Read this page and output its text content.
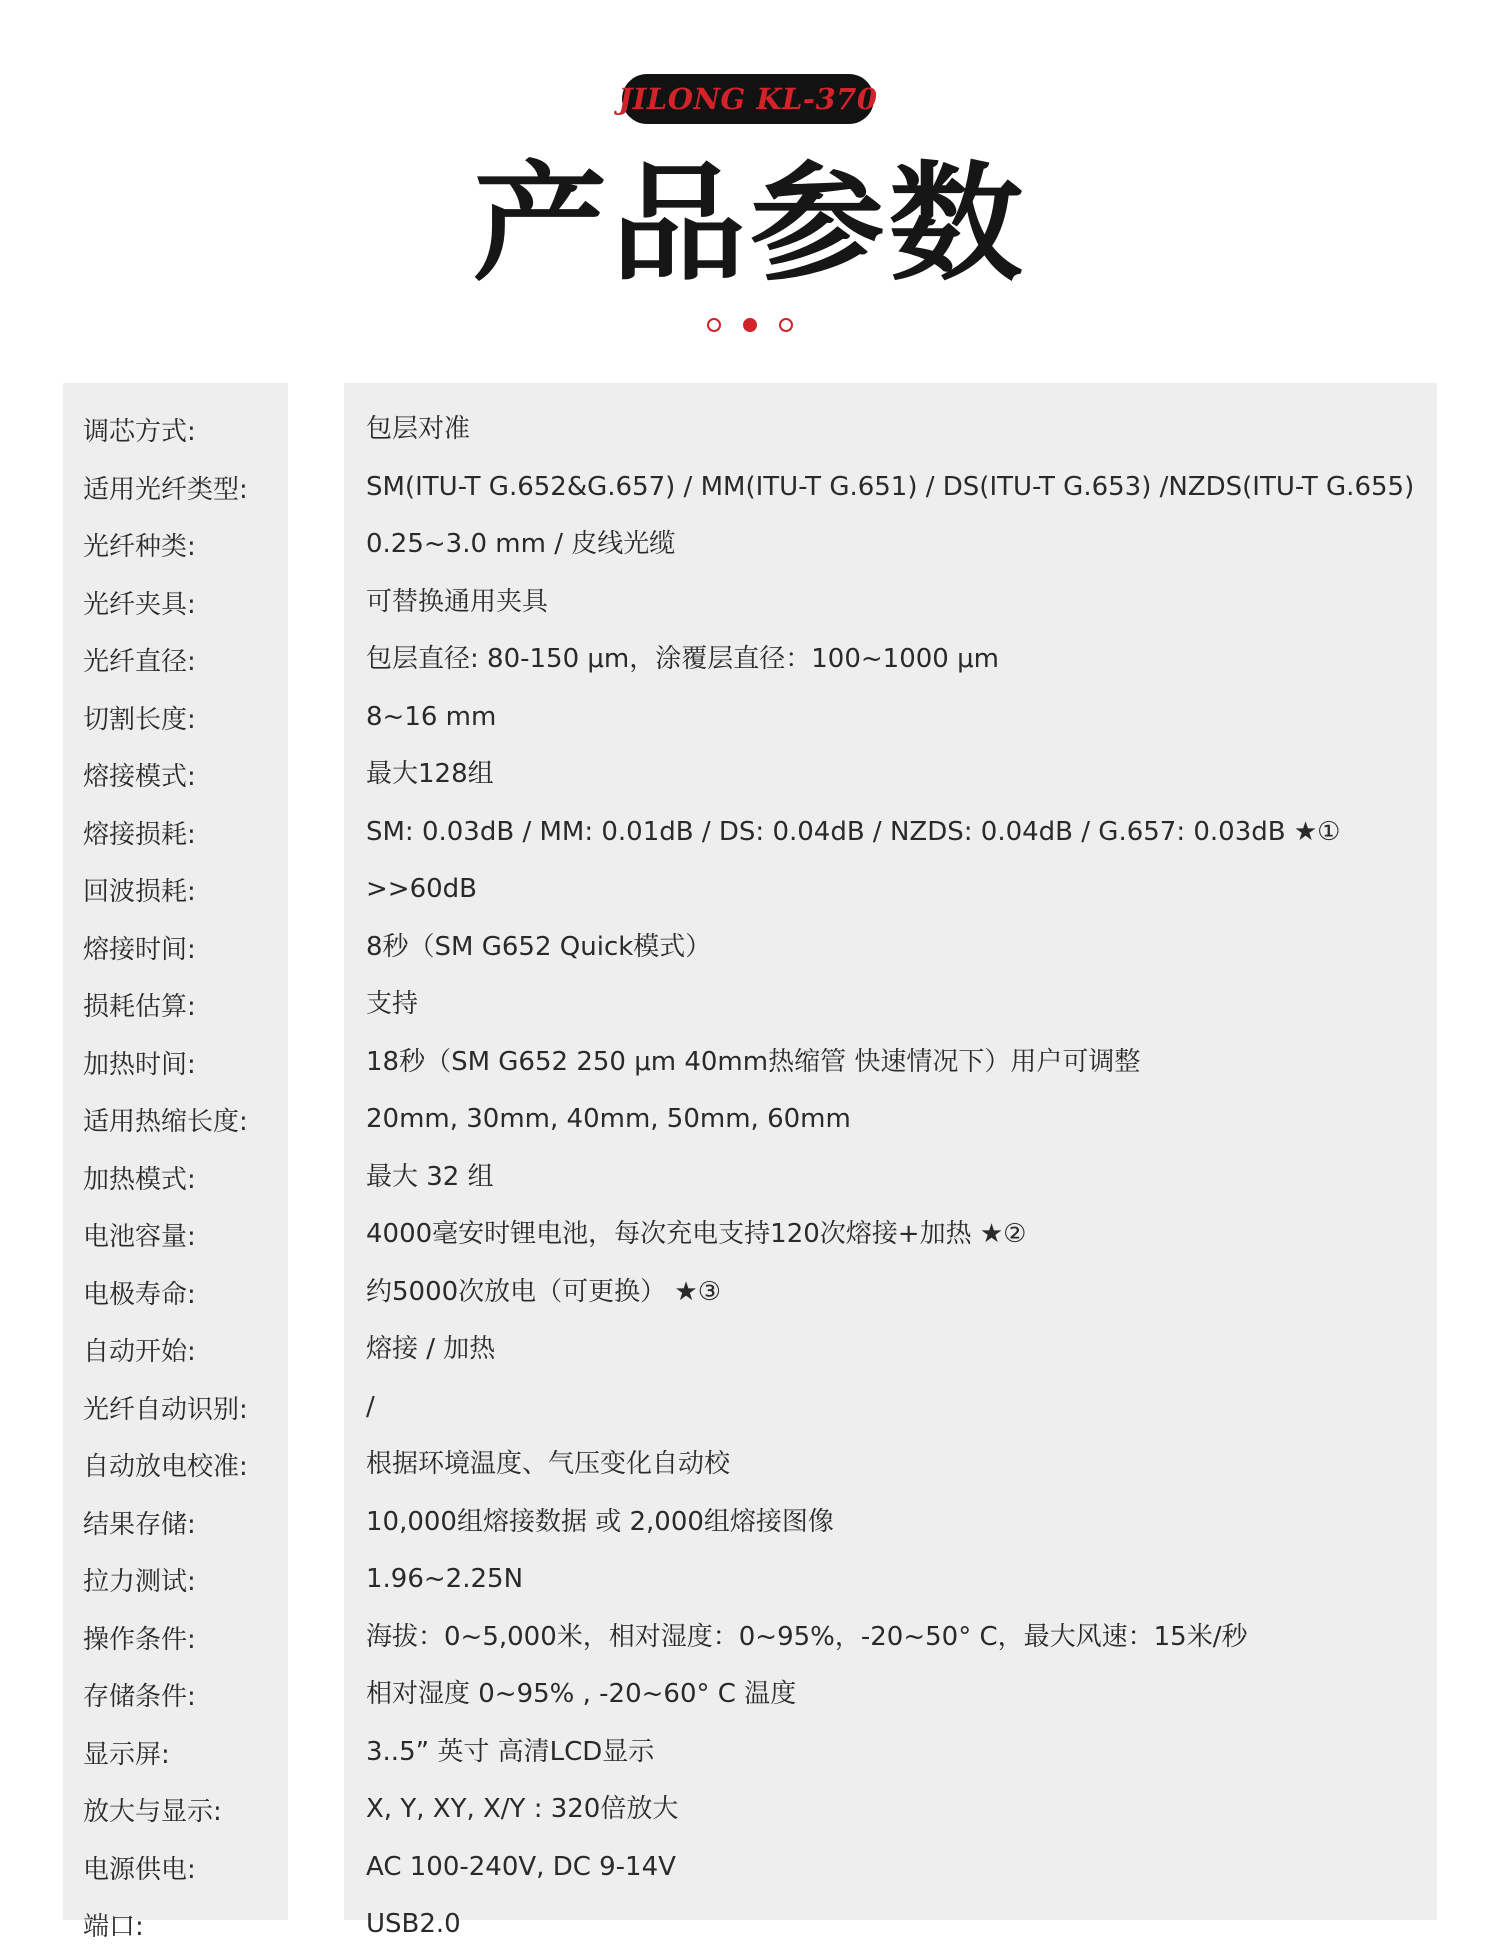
JILONG KL-370
产品参数
调芯方式:	包层对准
适用光纤类型:	SM(ITU-T G.652&G.657) / MM(ITU-T G.651) / DS(ITU-T G.653) /NZDS(ITU-T G.655)
光纤种类:	0.25~3.0 mm / 皮线光缆
光纤夹具:	可替换通用夹具
光纤直径:	包层直径: 80-150 μm，涂覆层直径：100~1000 μm
切割长度:	8~16 mm
熔接模式:	最大128组
熔接损耗:	SM: 0.03dB / MM: 0.01dB / DS: 0.04dB / NZDS: 0.04dB / G.657: 0.03dB ★①
回波损耗:	>>60dB
熔接时间:	8秒（SM G652 Quick模式）
损耗估算:	支持
加热时间:	18秒（SM G652 250 μm 40mm热缩管 快速情况下）用户可调整
适用热缩长度:	20mm, 30mm, 40mm, 50mm, 60mm
加热模式:	最大 32 组
电池容量:	4000毫安时锂电池，每次充电支持120次熔接+加热 ★②
电极寿命:	约5000次放电（可更换） ★③
自动开始:	熔接 / 加热
光纤自动识别:	/
自动放电校准:	根据环境温度、气压变化自动校
结果存储:	10,000组熔接数据 或 2,000组熔接图像
拉力测试:	1.96~2.25N
操作条件:	海拔：0~5,000米，相对湿度：0~95%，-20~50° C，最大风速：15米/秒
存储条件:	相对湿度 0~95% , -20~60° C 温度
显示屏:	3..5” 英寸 高清LCD显示
放大与显示:	X, Y, XY, X/Y : 320倍放大
电源供电:	AC 100-240V, DC 9-14V
端口:	USB2.0
